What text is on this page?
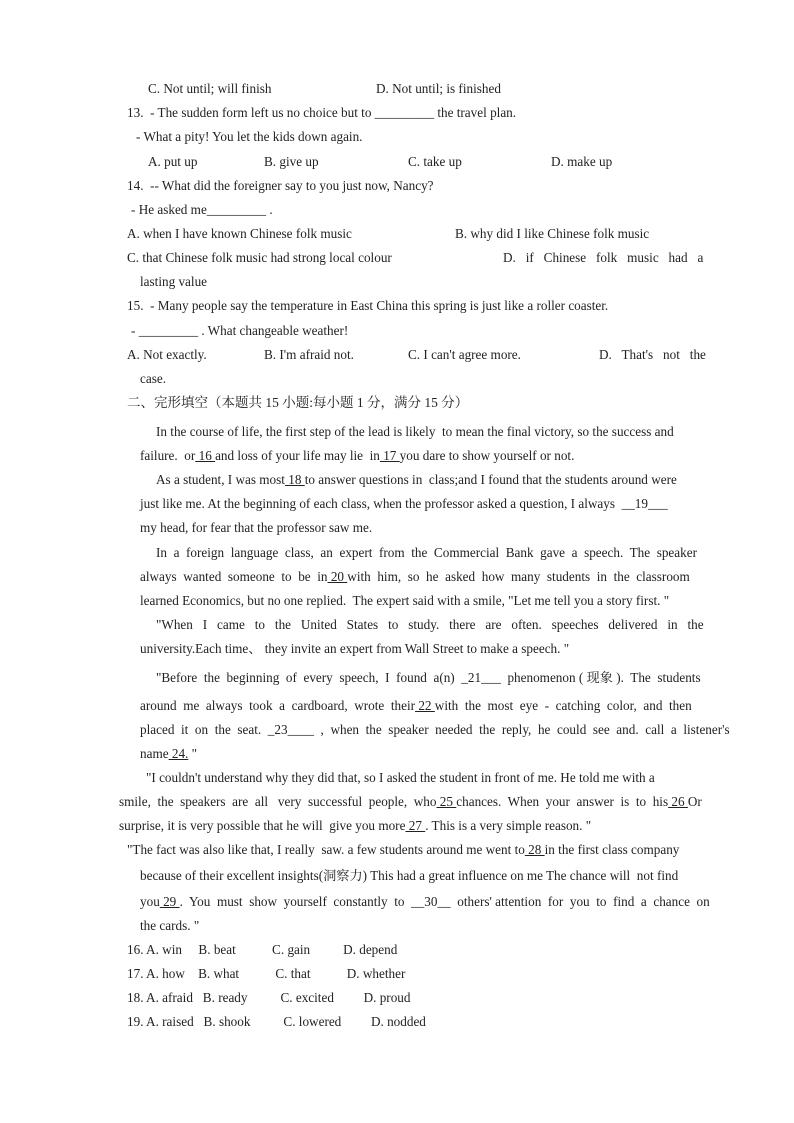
C. Not until; will finish	D. Not until; is finished
13.  - The sudden form left us no choice but to _________ the travel plan.
- What a pity! You let the kids down again.
A. put up	B. give up	C. take up	D. make up
14.  -- What did the foreigner say to you just now, Nancy?
- He asked me_________ .
A. when I have known Chinese folk music	B. why did I like Chinese folk music
C. that Chinese folk music had strong local colour	D.   if   Chinese   folk   music   had   a
lasting value
15.  - Many people say the temperature in East China this spring is just like a roller coaster.
- _________ . What changeable weather!
A. Not exactly.	B. I'm afraid not.	C. I can't agree more.	D.   That's   not   the
case.
二、完形填空（本题共 15 小题:每小题 1 分，满分 15 分）
In the course of life, the first step of the lead is likely  to mean the final victory, so the success and
failure.  or 16 and loss of your life may lie  in 17 you dare to show yourself or not.
As a student, I was most 18 to answer questions in  class;and I found that the students around were
just like me. At the beginning of each class, when the professor asked a question, I always  __19___
my head, for fear that the professor saw me.
In  a  foreign  language  class,  an  expert  from  the  Commercial  Bank  gave  a  speech.  The  speaker
always  wanted  someone  to  be  in 20 with  him,  so  he  asked  how  many  students  in  the  classroom
learned Economics, but no one replied.  The expert said with a smile, "Let me tell you a story first. "
"When   I   came   to   the   United   States   to   study.   there   are   often.   speeches   delivered   in   the
university.Each time、 they invite an expert from Wall Street to make a speech. "
"Before  the  beginning  of  every  speech,  I  found  a(n)  _21___  phenomenon ( 现象 ).  The  students
around  me  always  took  a  cardboard,  wrote  their 22 with  the  most  eye  -  catching  color,  and  then
placed  it  on  the  seat.  _23____  ,  when  the  speaker  needed  the  reply,  he  could  see  and.  call  a  listener's
name 24. "
"I couldn't understand why they did that, so I asked the student in front of me. He told me with a
smile,  the  speakers  are  all   very  successful  people,  who 25 chances.  When  your  answer  is  to  his 26 Or
surprise, it is very possible that he will  give you more 27 . This is a very simple reason. "
"The fact was also like that, I really  saw. a few students around me went to 28 in the first class company
because of their excellent insights(洞察力) This had a great influence on me The chance will  not find
you 29 .  You  must  show  yourself  constantly  to  __30__  others' attention  for  you  to  find  a  chance  on
the cards. "
16. A. win     B. beat           C. gain          D. depend
17. A. how    B. what           C. that           D. whether
18. A. afraid   B. ready          C. excited         D. proud
19. A. raised   B. shook          C. lowered         D. nodded
